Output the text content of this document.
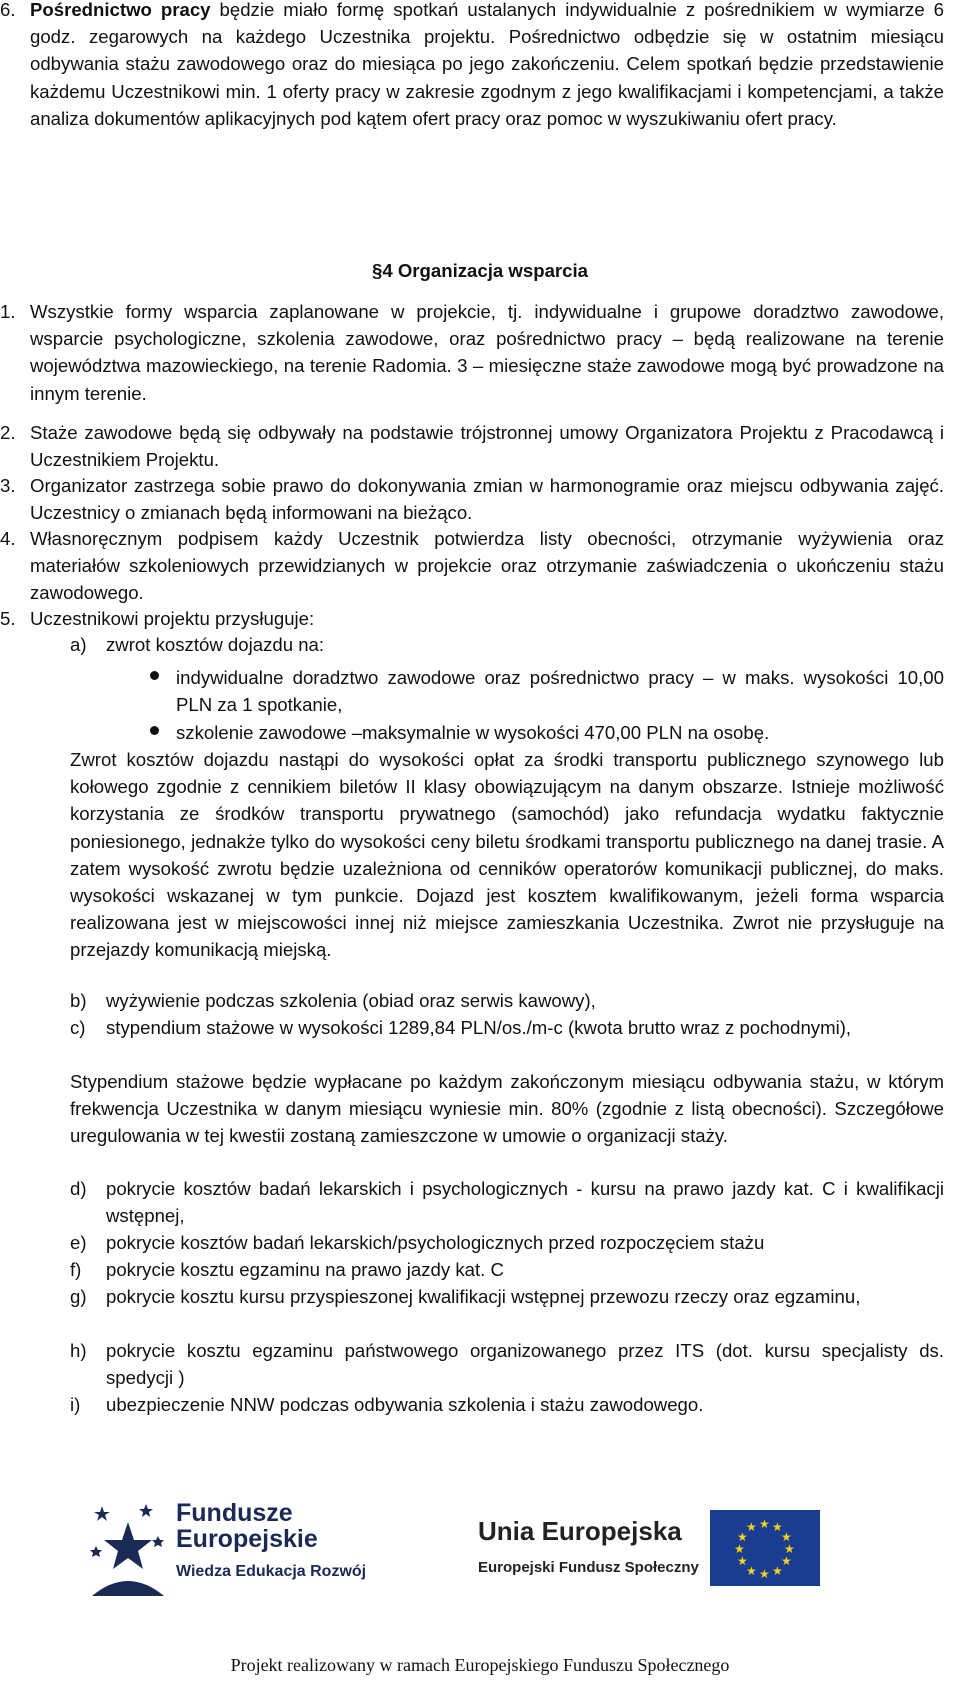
6. Pośrednictwo pracy będzie miało formę spotkań ustalanych indywidualnie z pośrednikiem w wymiarze 6 godz. zegarowych na każdego Uczestnika projektu. Pośrednictwo odbędzie się w ostatnim miesiącu odbywania stażu zawodowego oraz do miesiąca po jego zakończeniu. Celem spotkań będzie przedstawienie każdemu Uczestnikowi min. 1 oferty pracy w zakresie zgodnym z jego kwalifikacjami i kompetencjami, a także analiza dokumentów aplikacyjnych pod kątem ofert pracy oraz pomoc w wyszukiwaniu ofert pracy.

§4 Organizacja wsparcia
1. Wszystkie formy wsparcia zaplanowane w projekcie, tj. indywidualne i grupowe doradztwo zawodowe, wsparcie psychologiczne, szkolenia zawodowe, oraz pośrednictwo pracy – będą realizowane na terenie województwa mazowieckiego, na terenie Radomia. 3 – miesięczne staże zawodowe mogą być prowadzone na innym terenie.

2. Staże zawodowe będą się odbywały na podstawie trójstronnej umowy Organizatora Projektu z Pracodawcą i Uczestnikiem Projektu.

3. Organizator zastrzega sobie prawo do dokonywania zmian w harmonogramie oraz miejscu odbywania zajęć. Uczestnicy o zmianach będą informowani na bieżąco.

4. Własnoręcznym podpisem każdy Uczestnik potwierdza listy obecności, otrzymanie wyżywienia oraz materiałów szkoleniowych przewidzianych w projekcie oraz otrzymanie zaświadczenia o ukończeniu stażu zawodowego.

5. Uczestnikowi projektu przysługuje:

a)	zwrot kosztów dojazdu na:

indywidualne doradztwo zawodowe oraz pośrednictwo pracy – w maks. wysokości 10,00 PLN za 1 spotkanie,

szkolenie zawodowe –maksymalnie w wysokości 470,00 PLN na osobę.

Zwrot kosztów dojazdu nastąpi do wysokości opłat za środki transportu publicznego szynowego lub kołowego zgodnie z cennikiem biletów II klasy obowiązującym na danym obszarze. Istnieje możliwość korzystania ze środków transportu prywatnego (samochód) jako refundacja wydatku faktycznie poniesionego, jednakże tylko do wysokości ceny biletu środkami transportu publicznego na danej trasie. A zatem wysokość zwrotu będzie uzależniona od cenników operatorów komunikacji publicznej, do maks. wysokości wskazanej w tym punkcie. Dojazd jest kosztem kwalifikowanym, jeżeli forma wsparcia realizowana jest w miejscowości innej niż miejsce zamieszkania Uczestnika. Zwrot nie przysługuje na przejazdy komunikacją miejską.

b)	wyżywienie podczas szkolenia (obiad oraz serwis kawowy),

c)	stypendium stażowe w wysokości 1289,84 PLN/os./m-c (kwota brutto wraz z pochodnymi),

Stypendium stażowe będzie wypłacane po każdym zakończonym miesiącu odbywania stażu, w którym frekwencja Uczestnika w danym miesiącu wyniesie min. 80% (zgodnie z listą obecności). Szczegółowe uregulowania w tej kwestii zostaną zamieszczone w umowie o organizacji staży.

d)	pokrycie kosztów badań lekarskich i psychologicznych - kursu na prawo jazdy kat. C i kwalifikacji wstępnej,

e)	pokrycie kosztów badań lekarskich/psychologicznych przed rozpoczęciem stażu

f)	pokrycie kosztu egzaminu na prawo jazdy kat. C

g)	pokrycie kosztu kursu przyspieszonej kwalifikacji wstępnej przewozu rzeczy oraz egzaminu,

h)	pokrycie kosztu egzaminu państwowego organizowanego przez ITS (dot. kursu specjalisty ds. spedycji )

i)	ubezpieczenie NNW podczas odbywania szkolenia i stażu zawodowego.

Fundusze
Europejskie
Wiedza Edukacja Rozwój
Unia Europejska
Europejski Fundusz Społeczny
★ ★
★
★
★
★
★
★
★
★
★
★
Projekt realizowany w ramach Europejskiego Funduszu Społecznego
